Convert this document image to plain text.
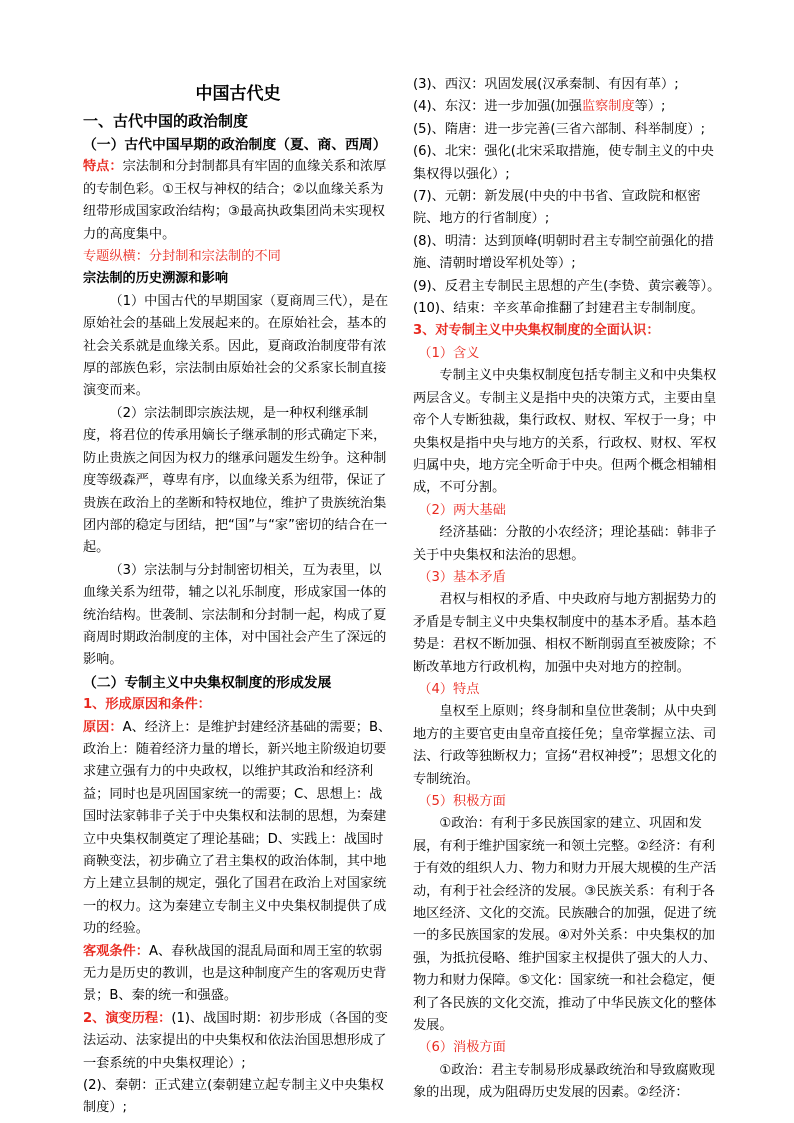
中国古代史

一、古代中国的政治制度

（一）古代中国早期的政治制度（夏、商、西周）

特点：宗法制和分封制都具有牢固的血缘关系和浓厚的专制色彩。①王权与神权的结合；②以血缘关系为纽带形成国家政治结构；③最高执政集团尚未实现权力的高度集中。

专题纵横：分封制和宗法制的不同

宗法制的历史溯源和影响

（1）中国古代的早期国家（夏商周三代），是在原始社会的基础上发展起来的。在原始社会，基本的社会关系就是血缘关系。因此，夏商政治制度带有浓厚的部族色彩，宗法制由原始社会的父系家长制直接演变而来。

（2）宗法制即宗族法规，是一种权利继承制度，将君位的传承用嫡长子继承制的形式确定下来，防止贵族之间因为权力的继承问题发生纷争。这种制度等级森严，尊卑有序，以血缘关系为纽带，保证了贵族在政治上的垄断和特权地位，维护了贵族统治集团内部的稳定与团结，把“国”与“家”密切的结合在一起。

（3）宗法制与分封制密切相关，互为表里，以血缘关系为纽带，辅之以礼乐制度，形成家国一体的统治结构。世袭制、宗法制和分封制一起，构成了夏商周时期政治制度的主体，对中国社会产生了深远的影响。

（二）专制主义中央集权制度的形成发展

1、形成原因和条件：

原因：A、经济上：是维护封建经济基础的需要；B、政治上：随着经济力量的增长，新兴地主阶级迫切要求建立强有力的中央政权，以维护其政治和经济利益；同时也是巩固国家统一的需要；C、思想上：战国时法家韩非子关于中央集权和法制的思想，为秦建立中央集权制奠定了理论基础；D、实践上：战国时商鞅变法，初步确立了君主集权的政治体制，其中地方上建立县制的规定，强化了国君在政治上对国家统一的权力。这为秦建立专制主义中央集权制提供了成功的经验。

客观条件：A、春秋战国的混乱局面和周王室的软弱无力是历史的教训，也是这种制度产生的客观历史背景；B、秦的统一和强盛。

2、演变历程：(1)、战国时期：初步形成（各国的变法运动、法家提出的中央集权和依法治国思想形成了一套系统的中央集权理论）;

(2)、秦朝：正式建立(秦朝建立起专制主义中央集权制度）;

(3)、西汉：巩固发展(汉承秦制、有因有革）;

(4)、东汉：进一步加强(加强监察制度等）;

(5)、隋唐：进一步完善(三省六部制、科举制度）;

(6)、北宋：强化(北宋采取措施，使专制主义的中央集权得以强化）;

(7)、元朝：新发展(中央的中书省、宣政院和枢密院、地方的行省制度）;

(8)、明清：达到顶峰(明朝时君主专制空前强化的措施、清朝时增设军机处等）;

(9)、反君主专制民主思想的产生(李贽、黄宗羲等）。

(10)、结束：辛亥革命推翻了封建君主专制制度。

3、对专制主义中央集权制度的全面认识：

（1）含义

专制主义中央集权制度包括专制主义和中央集权两层含义。专制主义是指中央的决策方式，主要由皇帝个人专断独裁，集行政权、财权、军权于一身；中央集权是指中央与地方的关系，行政权、财权、军权归属中央，地方完全听命于中央。但两个概念相辅相成，不可分割。

（2）两大基础

经济基础：分散的小农经济；理论基础：韩非子关于中央集权和法治的思想。

（3）基本矛盾

君权与相权的矛盾、中央政府与地方割据势力的矛盾是专制主义中央集权制度中的基本矛盾。基本趋势是：君权不断加强、相权不断削弱直至被废除；不断改革地方行政机构，加强中央对地方的控制。

（4）特点

皇权至上原则；终身制和皇位世袭制；从中央到地方的主要官吏由皇帝直接任免；皇帝掌握立法、司法、行政等独断权力；宣扬“君权神授”；思想文化的专制统治。

（5）积极方面

①政治：有利于多民族国家的建立、巩固和发展，有利于维护国家统一和领土完整。②经济：有利于有效的组织人力、物力和财力开展大规模的生产活动，有利于社会经济的发展。③民族关系：有利于各地区经济、文化的交流。民族融合的加强，促进了统一的多民族国家的发展。④对外关系：中央集权的加强，为抵抗侵略、维护国家主权提供了强大的人力、物力和财力保障。⑤文化：国家统一和社会稳定，便利了各民族的文化交流，推动了中华民族文化的整体发展。

（6）消极方面

①政治：君主专制易形成暴政统治和导致腐败现象的出现，成为阻碍历史发展的因素。②经济：
